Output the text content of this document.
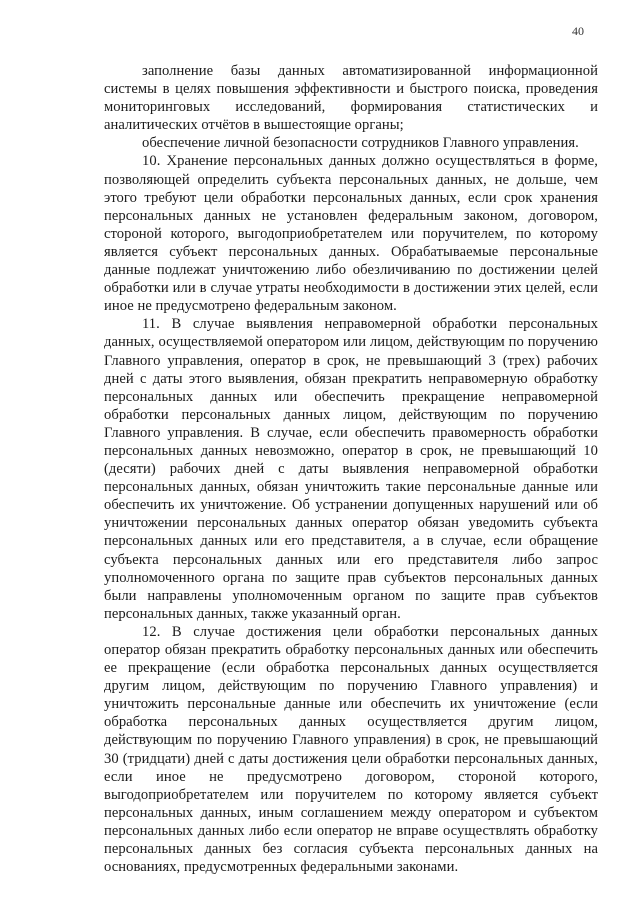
40

заполнение базы данных автоматизированной информационной системы в целях повышения эффективности и быстрого поиска, проведения мониторинговых исследований, формирования статистических и аналитических отчётов в вышестоящие органы;

обеспечение личной безопасности сотрудников Главного управления.

10. Хранение персональных данных должно осуществляться в форме, позволяющей определить субъекта персональных данных, не дольше, чем этого требуют цели обработки персональных данных, если срок хранения персональных данных не установлен федеральным законом, договором, стороной которого, выгодоприобретателем или поручителем, по которому является субъект персональных данных. Обрабатываемые персональные данные подлежат уничтожению либо обезличиванию по достижении целей обработки или в случае утраты необходимости в достижении этих целей, если иное не предусмотрено федеральным законом.

11. В случае выявления неправомерной обработки персональных данных, осуществляемой оператором или лицом, действующим по поручению Главного управления, оператор в срок, не превышающий 3 (трех) рабочих дней с даты этого выявления, обязан прекратить неправомерную обработку персональных данных или обеспечить прекращение неправомерной обработки персональных данных лицом, действующим по поручению Главного управления. В случае, если обеспечить правомерность обработки персональных данных невозможно, оператор в срок, не превышающий 10 (десяти) рабочих дней с даты выявления неправомерной обработки персональных данных, обязан уничтожить такие персональные данные или обеспечить их уничтожение. Об устранении допущенных нарушений или об уничтожении персональных данных оператор обязан уведомить субъекта персональных данных или его представителя, а в случае, если обращение субъекта персональных данных или его представителя либо запрос уполномоченного органа по защите прав субъектов персональных данных были направлены уполномоченным органом по защите прав субъектов персональных данных, также указанный орган.

12. В случае достижения цели обработки персональных данных оператор обязан прекратить обработку персональных данных или обеспечить ее прекращение (если обработка персональных данных осуществляется другим лицом, действующим по поручению Главного управления) и уничтожить персональные данные или обеспечить их уничтожение (если обработка персональных данных осуществляется другим лицом, действующим по поручению Главного управления) в срок, не превышающий 30 (тридцати) дней с даты достижения цели обработки персональных данных, если иное не предусмотрено договором, стороной которого, выгодоприобретателем или поручителем по которому является субъект персональных данных, иным соглашением между оператором и субъектом персональных данных либо если оператор не вправе осуществлять обработку персональных данных без согласия субъекта персональных данных на основаниях, предусмотренных федеральными законами.
